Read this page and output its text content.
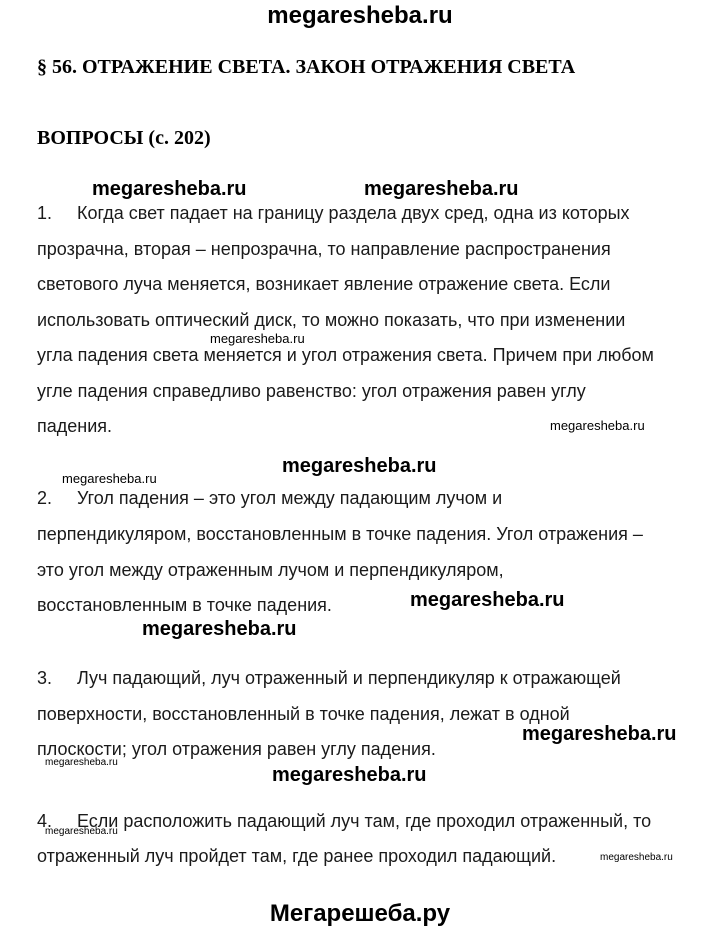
megaresheba.ru
§ 56. ОТРАЖЕНИЕ СВЕТА. ЗАКОН ОТРАЖЕНИЯ СВЕТА
ВОПРОСЫ (с. 202)
megaresheba.ru	megaresheba.ru
megaresheba.ru
megaresheba.ru
megaresheba.ru
megaresheba.ru
megaresheba.ru
megaresheba.ru
megaresheba.ru
megaresheba.ru
megaresheba.ru
megaresheba.ru
megaresheba.ru
1. Когда свет падает на границу раздела двух сред, одна из которых
прозрачна, вторая – непрозрачна, то направление распространения
светового луча меняется, возникает явление отражение света. Если
использовать оптический диск, то можно показать, что при изменении
угла падения света меняется и угол отражения света. Причем при любом
угле падения справедливо равенство: угол отражения равен углу
падения.
2. Угол падения – это угол между падающим лучом и
перпендикуляром, восстановленным в точке падения. Угол отражения –
это угол между отраженным лучом и перпендикуляром,
восстановленным в точке падения.
3. Луч падающий, луч отраженный и перпендикуляр к отражающей
поверхности, восстановленный в точке падения, лежат в одной
плоскости; угол отражения равен углу падения.
4. Если расположить падающий луч там, где проходил отраженный, то
отраженный луч пройдет там, где ранее проходил падающий.
Мегарешеба.ру
